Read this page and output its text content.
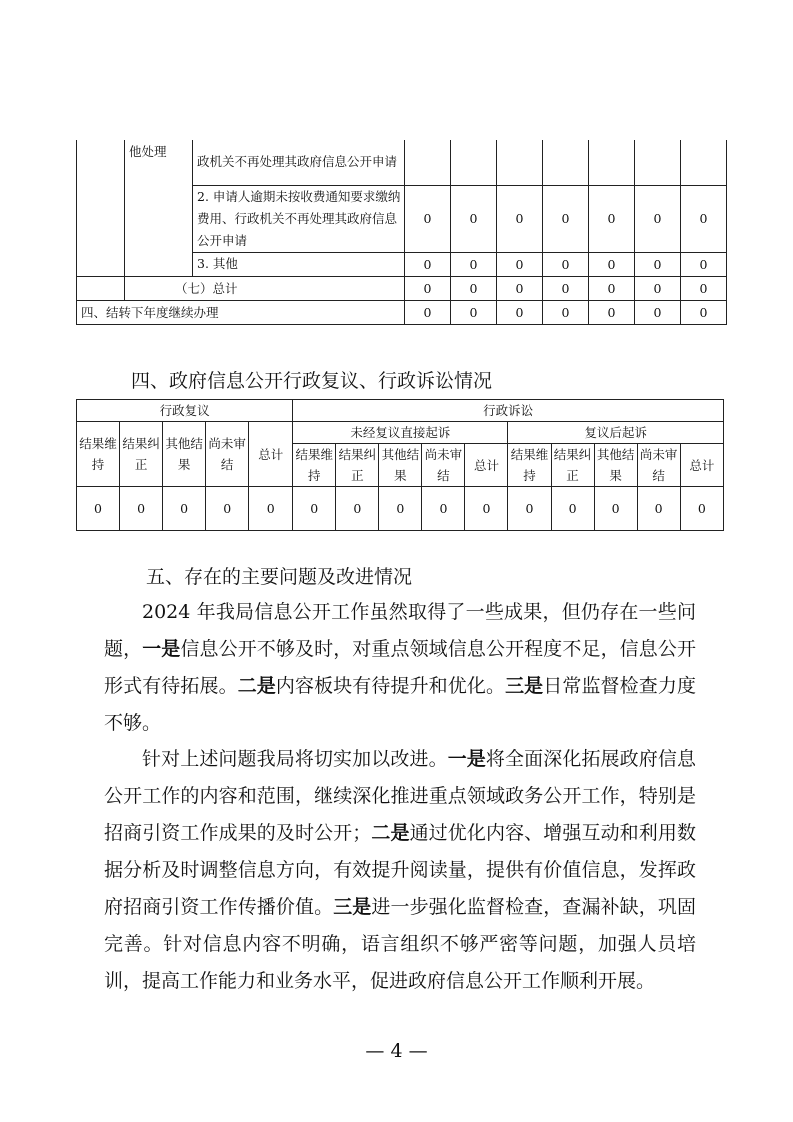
	他处理	政机关不再处理其政府信息公开申请							
		2. 申请人逾期未按收费通知要求缴纳费用、行政机关不再处理其政府信息公开申请	0	0	0	0	0	0	0
		3. 其他	0	0	0	0	0	0	0
	（七）总计		0	0	0	0	0	0	0
四、结转下年度继续办理			0	0	0	0	0	0	0
四、政府信息公开行政复议、行政诉讼情况
行政复议					行政诉讼									
结果维持	结果纠正	其他结果	尚未审结	总计	未经复议直接起诉					复议后起诉				
					结果维持	结果纠正	其他结果	尚未审结	总计	结果维持	结果纠正	其他结果	尚未审结	总计
0	0	0	0	0	0	0	0	0	0	0	0	0	0	0
五、存在的主要问题及改进情况

2024 年我局信息公开工作虽然取得了一些成果，但仍存在一些问题，一是信息公开不够及时，对重点领域信息公开程度不足，信息公开形式有待拓展。二是内容板块有待提升和优化。三是日常监督检查力度不够。

针对上述问题我局将切实加以改进。一是将全面深化拓展政府信息公开工作的内容和范围，继续深化推进重点领域政务公开工作，特别是招商引资工作成果的及时公开；二是通过优化内容、增强互动和利用数据分析及时调整信息方向，有效提升阅读量，提供有价值信息，发挥政府招商引资工作传播价值。三是进一步强化监督检查，查漏补缺，巩固完善。针对信息内容不明确，语言组织不够严密等问题，加强人员培训，提高工作能力和业务水平，促进政府信息公开工作顺利开展。

— 4 —
